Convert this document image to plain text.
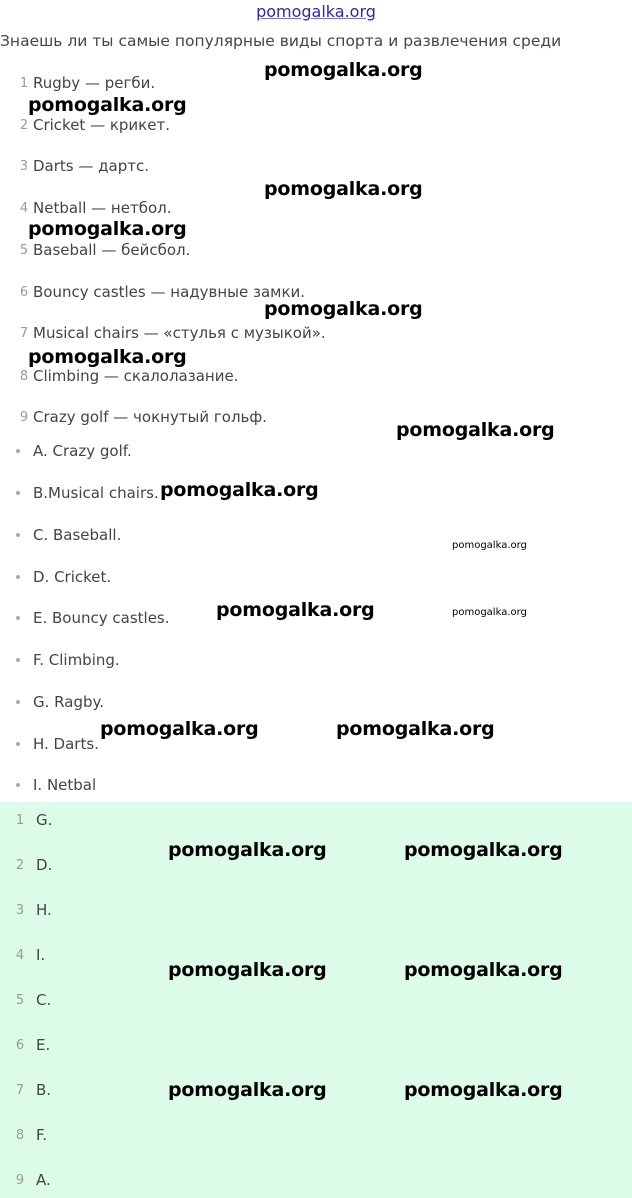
pomogalka.org
Знаешь ли ты самые популярные виды спорта и развлечения среди
1 Rugby — регби.
2 Cricket — крикет.
3 Darts — дартс.
4 Netball — нетбол.
5 Baseball — бейсбол.
6 Bouncy castles — надувные замки.
7 Musical chairs — «стулья с музыкой».
8 Climbing — скалолазание.
9 Crazy golf — чокнутый гольф.
A. Crazy golf.
B.Musical chairs.
C. Baseball.
D. Cricket.
E. Bouncy castles.
F. Climbing.
G. Ragby.
H. Darts.
I. Netbal
1 G.
2 D.
3 H.
4 I.
5 C.
6 E.
7 B.
8 F.
9 A.
pomogalka.org
pomogalka.org
pomogalka.org
pomogalka.org
pomogalka.org
pomogalka.org
pomogalka.org
pomogalka.org
pomogalka.org
pomogalka.org	pomogalka.org
pomogalka.org	pomogalka.org
pomogalka.org	pomogalka.org
pomogalka.org	pomogalka.org
pomogalka.org	pomogalka.org
